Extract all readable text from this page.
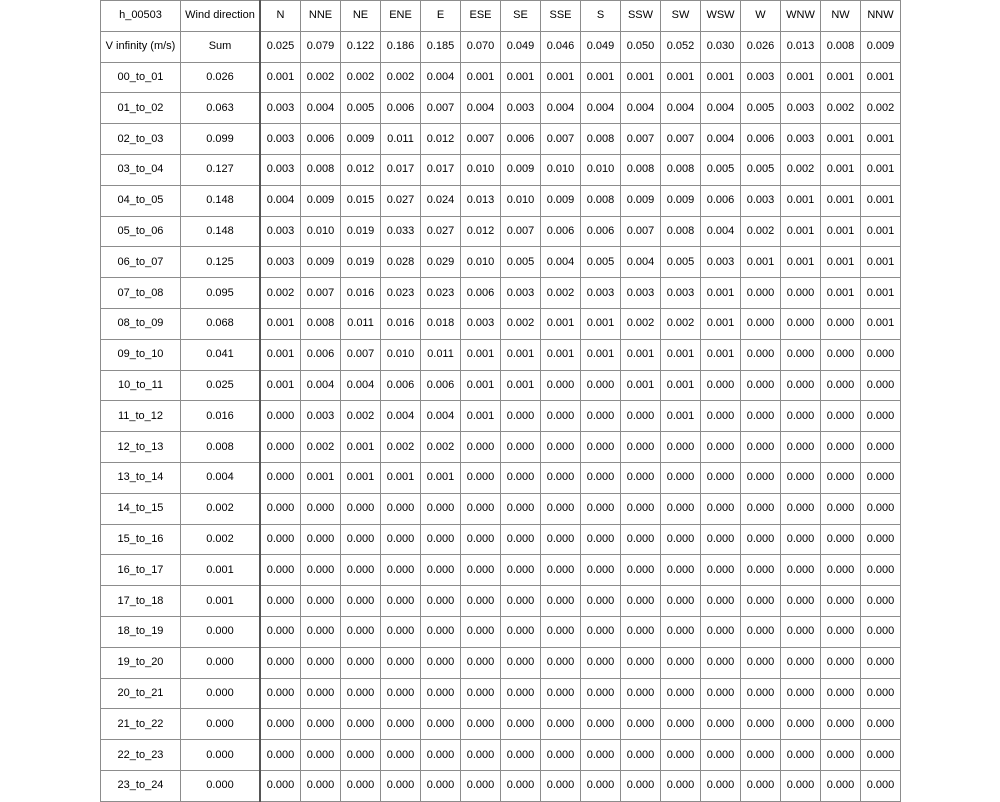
h_00503	Wind direction	N	NNE	NE	ENE	E	ESE	SE	SSE	S	SSW	SW	WSW	W	WNW	NW	NNW
V infinity (m/s)	Sum	0.025	0.079	0.122	0.186	0.185	0.070	0.049	0.046	0.049	0.050	0.052	0.030	0.026	0.013	0.008	0.009
00_to_01	0.026	0.001	0.002	0.002	0.002	0.004	0.001	0.001	0.001	0.001	0.001	0.001	0.001	0.003	0.001	0.001	0.001
01_to_02	0.063	0.003	0.004	0.005	0.006	0.007	0.004	0.003	0.004	0.004	0.004	0.004	0.004	0.005	0.003	0.002	0.002
02_to_03	0.099	0.003	0.006	0.009	0.011	0.012	0.007	0.006	0.007	0.008	0.007	0.007	0.004	0.006	0.003	0.001	0.001
03_to_04	0.127	0.003	0.008	0.012	0.017	0.017	0.010	0.009	0.010	0.010	0.008	0.008	0.005	0.005	0.002	0.001	0.001
04_to_05	0.148	0.004	0.009	0.015	0.027	0.024	0.013	0.010	0.009	0.008	0.009	0.009	0.006	0.003	0.001	0.001	0.001
05_to_06	0.148	0.003	0.010	0.019	0.033	0.027	0.012	0.007	0.006	0.006	0.007	0.008	0.004	0.002	0.001	0.001	0.001
06_to_07	0.125	0.003	0.009	0.019	0.028	0.029	0.010	0.005	0.004	0.005	0.004	0.005	0.003	0.001	0.001	0.001	0.001
07_to_08	0.095	0.002	0.007	0.016	0.023	0.023	0.006	0.003	0.002	0.003	0.003	0.003	0.001	0.000	0.000	0.001	0.001
08_to_09	0.068	0.001	0.008	0.011	0.016	0.018	0.003	0.002	0.001	0.001	0.002	0.002	0.001	0.000	0.000	0.000	0.001
09_to_10	0.041	0.001	0.006	0.007	0.010	0.011	0.001	0.001	0.001	0.001	0.001	0.001	0.001	0.000	0.000	0.000	0.000
10_to_11	0.025	0.001	0.004	0.004	0.006	0.006	0.001	0.001	0.000	0.000	0.001	0.001	0.000	0.000	0.000	0.000	0.000
11_to_12	0.016	0.000	0.003	0.002	0.004	0.004	0.001	0.000	0.000	0.000	0.000	0.001	0.000	0.000	0.000	0.000	0.000
12_to_13	0.008	0.000	0.002	0.001	0.002	0.002	0.000	0.000	0.000	0.000	0.000	0.000	0.000	0.000	0.000	0.000	0.000
13_to_14	0.004	0.000	0.001	0.001	0.001	0.001	0.000	0.000	0.000	0.000	0.000	0.000	0.000	0.000	0.000	0.000	0.000
14_to_15	0.002	0.000	0.000	0.000	0.000	0.000	0.000	0.000	0.000	0.000	0.000	0.000	0.000	0.000	0.000	0.000	0.000
15_to_16	0.002	0.000	0.000	0.000	0.000	0.000	0.000	0.000	0.000	0.000	0.000	0.000	0.000	0.000	0.000	0.000	0.000
16_to_17	0.001	0.000	0.000	0.000	0.000	0.000	0.000	0.000	0.000	0.000	0.000	0.000	0.000	0.000	0.000	0.000	0.000
17_to_18	0.001	0.000	0.000	0.000	0.000	0.000	0.000	0.000	0.000	0.000	0.000	0.000	0.000	0.000	0.000	0.000	0.000
18_to_19	0.000	0.000	0.000	0.000	0.000	0.000	0.000	0.000	0.000	0.000	0.000	0.000	0.000	0.000	0.000	0.000	0.000
19_to_20	0.000	0.000	0.000	0.000	0.000	0.000	0.000	0.000	0.000	0.000	0.000	0.000	0.000	0.000	0.000	0.000	0.000
20_to_21	0.000	0.000	0.000	0.000	0.000	0.000	0.000	0.000	0.000	0.000	0.000	0.000	0.000	0.000	0.000	0.000	0.000
21_to_22	0.000	0.000	0.000	0.000	0.000	0.000	0.000	0.000	0.000	0.000	0.000	0.000	0.000	0.000	0.000	0.000	0.000
22_to_23	0.000	0.000	0.000	0.000	0.000	0.000	0.000	0.000	0.000	0.000	0.000	0.000	0.000	0.000	0.000	0.000	0.000
23_to_24	0.000	0.000	0.000	0.000	0.000	0.000	0.000	0.000	0.000	0.000	0.000	0.000	0.000	0.000	0.000	0.000	0.000
